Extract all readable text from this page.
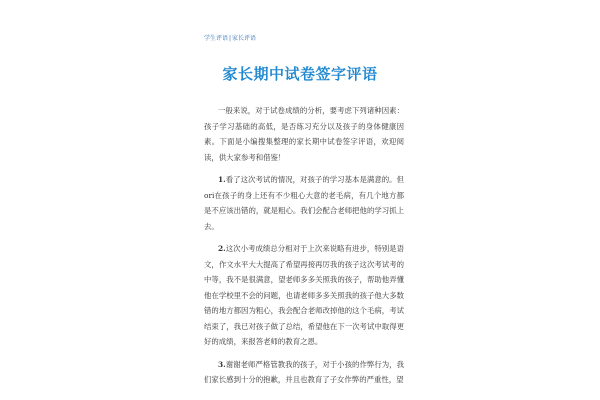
学生评语|家长评语
家长期中试卷签字评语

一般来说，对于试卷成绩的分析，要考虑下列诸种因素：孩子学习基础的高低，是否练习充分以及孩子的身体健康因素。下面是小编搜集整理的家长期中试卷签字评语，欢迎阅读，供大家参考和借鉴！

1.看了这次考试的情况，对孩子的学习基本是满意的。但ori在孩子的身上还有不少粗心大意的老毛病，有几个地方都是不应该出错的，就是粗心。我们会配合老师把他的学习抓上去。

2.这次小考成绩总分相对于上次来说略有进步，特别是语文，作文水平大大提高了希望再接再厉我的孩子这次考试考的中等，我不是很满意，望老师多多关照我的孩子，帮助他弄懂他在学校里不会的问题，也请老师多多关照我的孩子他大多数错的地方都因为粗心，我会配合老师改掉他的这个毛病，考试结束了，我已对孩子做了总结，希望他在下一次考试中取得更好的成绩，来报答老师的教育之恩。

3.谢谢老师严格管教我的孩子，对于小孩的作弊行为，我们家长感到十分的抱歉，并且也教育了子女作弊的严重性，望
